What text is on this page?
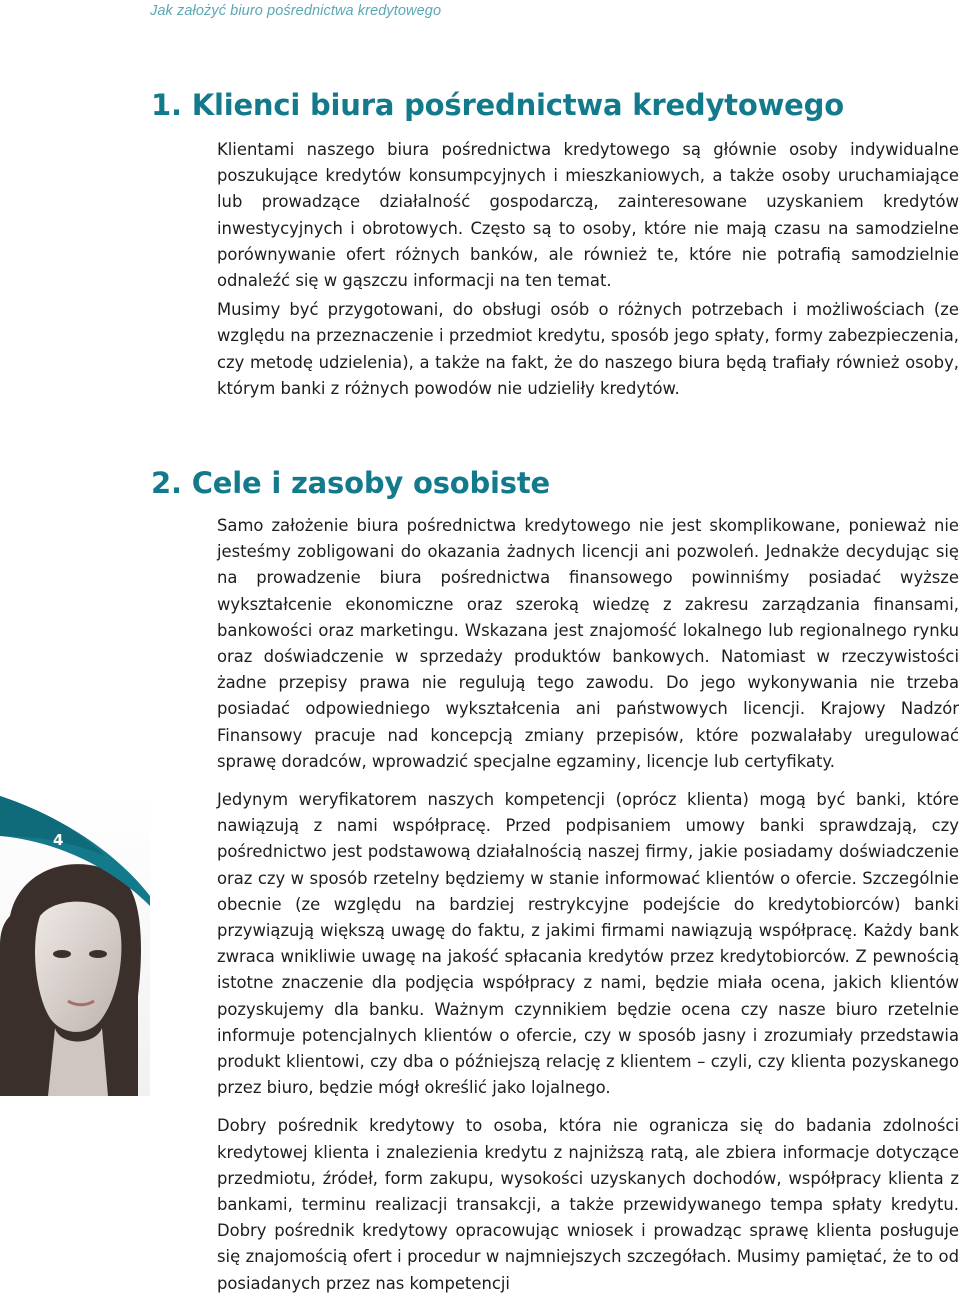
Jak założyć biuro pośrednictwa kredytowego
1. Klienci biura pośrednictwa kredytowego

Klientami naszego biura pośrednictwa kredytowego są głównie osoby indywidualne poszukujące kredytów konsumpcyjnych i mieszkaniowych, a także osoby uruchamiające lub prowadzące działalność gospodarczą, zainteresowane uzyskaniem kredytów inwestycyjnych i obrotowych. Często są to osoby, które nie mają czasu na samodzielne porównywanie ofert różnych banków, ale również te, które nie potrafią samodzielnie odnaleźć się w gąszczu informacji na ten temat.

Musimy być przygotowani, do obsługi osób o różnych potrzebach i możliwościach (ze względu na przeznaczenie i przedmiot kredytu, sposób jego spłaty, formy zabezpieczenia, czy metodę udzielenia), a także na fakt, że do naszego biura będą trafiały również osoby, którym banki z różnych powodów nie udzieliły kredytów.

2. Cele i zasoby osobiste

Samo założenie biura pośrednictwa kredytowego nie jest skomplikowane, ponieważ nie jesteśmy zobligowani do okazania żadnych licencji ani pozwoleń. Jednakże decydując się na prowadzenie biura pośrednictwa finansowego powinniśmy posiadać wyższe wykształcenie ekonomiczne oraz szeroką wiedzę z zakresu zarządzania finansami, bankowości oraz marketingu. Wskazana jest znajomość lokalnego lub regionalnego rynku oraz doświadczenie w sprzedaży produktów bankowych. Natomiast w rzeczywistości żadne przepisy prawa nie regulują tego zawodu. Do jego wykonywania nie trzeba posiadać odpowiedniego wykształcenia ani państwowych licencji. Krajowy Nadzór Finansowy pracuje nad koncepcją zmiany przepisów, które pozwalałaby uregulować sprawę doradców, wprowadzić specjalne egzaminy, licencje lub certyfikaty.

Jedynym weryfikatorem naszych kompetencji (oprócz klienta) mogą być banki, które nawiązują z nami współpracę. Przed podpisaniem umowy banki sprawdzają, czy pośrednictwo jest podstawową działalnością naszej firmy, jakie posiadamy doświadczenie oraz czy w sposób rzetelny będziemy w stanie informować klientów o ofercie. Szczególnie obecnie (ze względu na bardziej restrykcyjne podejście do kredytobiorców) banki przywiązują większą uwagę do faktu, z jakimi firmami nawiązują współpracę. Każdy bank zwraca wnikliwie uwagę na jakość spłacania kredytów przez kredytobiorców. Z pewnością istotne znaczenie dla podjęcia współpracy z nami, będzie miała ocena, jakich klientów pozyskujemy dla banku. Ważnym czynnikiem będzie ocena czy nasze biuro rzetelnie informuje potencjalnych klientów o ofercie, czy w sposób jasny i zrozumiały przedstawia produkt klientowi, czy dba o późniejszą relację z klientem – czyli, czy klienta pozyskanego przez biuro, będzie mógł określić jako lojalnego.

Dobry pośrednik kredytowy to osoba, która nie ogranicza się do badania zdolności kredytowej klienta i znalezienia kredytu z najniższą ratą, ale zbiera informacje dotyczące przedmiotu, źródeł, form zakupu, wysokości uzyskanych dochodów, współpracy klienta z bankami, terminu realizacji transakcji, a także przewidywanego tempa spłaty kredytu. Dobry pośrednik kredytowy opracowując wniosek i prowadząc sprawę klienta posługuje się znajomością ofert i procedur w najmniejszych szczegółach. Musimy pamiętać, że to od posiadanych przez nas kompetencji

4
